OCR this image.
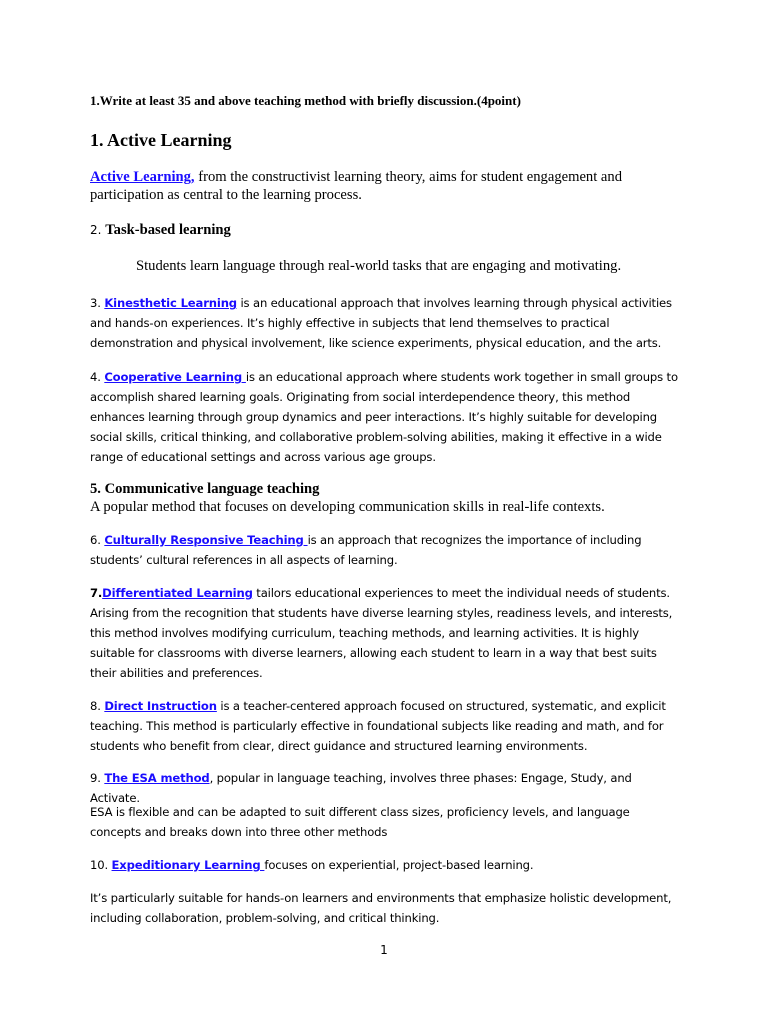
1.Write at least 35 and above teaching method with briefly discussion.(4point)

1. Active Learning

Active Learning, from the constructivist learning theory, aims for student engagement and participation as central to the learning process.

2. Task-based learning

Students learn language through real-world tasks that are engaging and motivating.

3. Kinesthetic Learning is an educational approach that involves learning through physical activities and hands-on experiences. It’s highly effective in subjects that lend themselves to practical demonstration and physical involvement, like science experiments, physical education, and the arts.

4. Cooperative Learning is an educational approach where students work together in small groups to accomplish shared learning goals. Originating from social interdependence theory, this method enhances learning through group dynamics and peer interactions. It’s highly suitable for developing social skills, critical thinking, and collaborative problem-solving abilities, making it effective in a wide range of educational settings and across various age groups.

5. Communicative language teaching
A popular method that focuses on developing communication skills in real-life contexts.

6. Culturally Responsive Teaching is an approach that recognizes the importance of including students’ cultural references in all aspects of learning.

7.Differentiated Learning tailors educational experiences to meet the individual needs of students. Arising from the recognition that students have diverse learning styles, readiness levels, and interests, this method involves modifying curriculum, teaching methods, and learning activities. It is highly suitable for classrooms with diverse learners, allowing each student to learn in a way that best suits their abilities and preferences.

8. Direct Instruction is a teacher-centered approach focused on structured, systematic, and explicit teaching. This method is particularly effective in foundational subjects like reading and math, and for students who benefit from clear, direct guidance and structured learning environments.

9. The ESA method, popular in language teaching, involves three phases: Engage, Study, and Activate.

ESA is flexible and can be adapted to suit different class sizes, proficiency levels, and language concepts and breaks down into three other methods

10. Expeditionary Learning focuses on experiential, project-based learning.

It’s particularly suitable for hands-on learners and environments that emphasize holistic development, including collaboration, problem-solving, and critical thinking.

1
